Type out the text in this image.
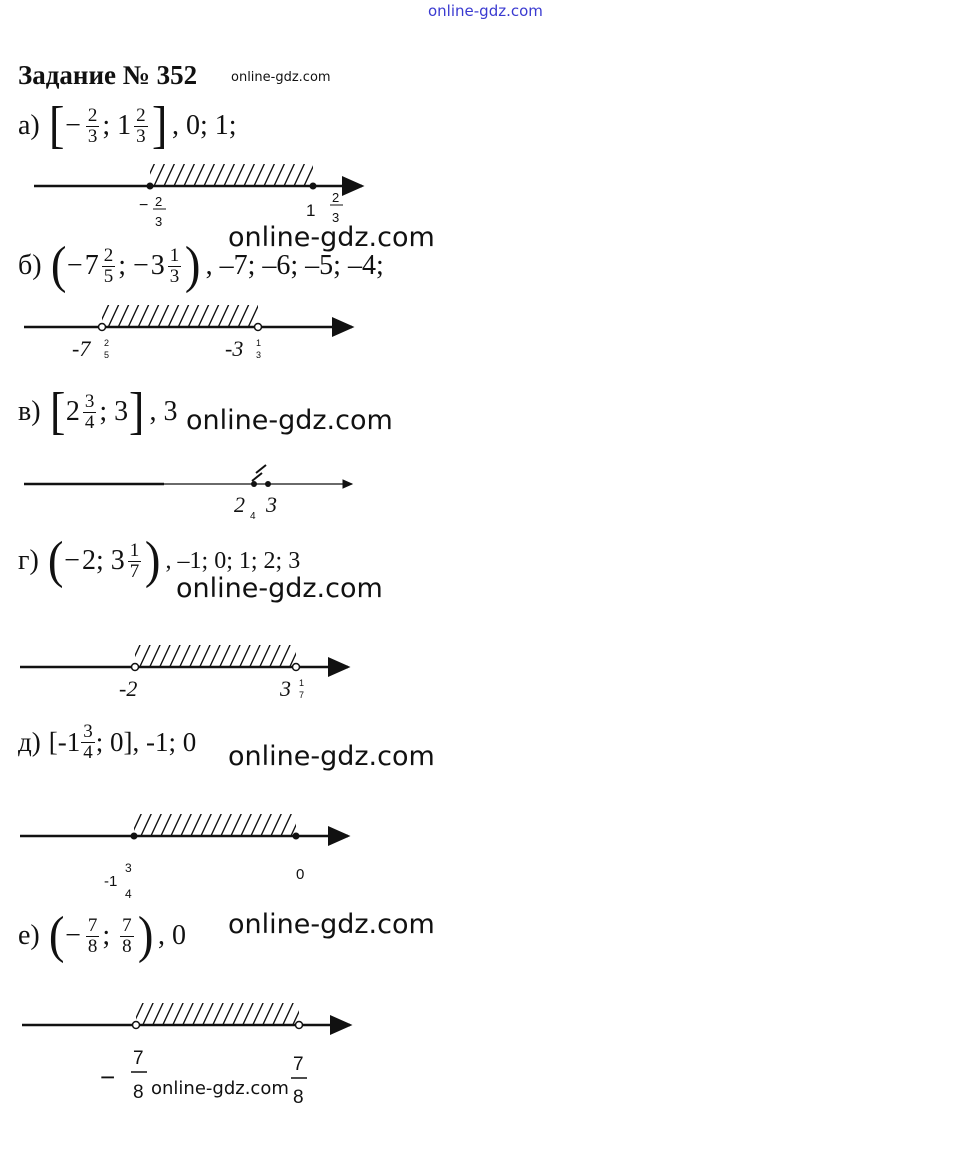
online-gdz.com
Задание № 352	online-gdz.com
а) [ − $\frac{2}{3}$ ; $1 \frac{2}{3}$ ] , 0; 1;
online-gdz.com
б) ( − $7 \frac{2}{5}$ ; − $3 \frac{1}{3}$ ) , –7; –6; –5; –4;
в) [ $2 \frac{3}{4}$ ; 3 ] , 3 online-gdz.com
г) ( − 2 ; $3 \frac{1}{7}$ ) , –1; 0; 1; 2; 3
online-gdz.com
д) [$-1 \frac{3}{4}$ ; 0], -1; 0 online-gdz.com
е) ( − $\frac{7}{8}$ ; $\frac{7}{8}$ ) , 0 online-gdz.com
online-gdz.com
− 2
3
1
2
3
-7 2
5	-3 1
3
2 4 3
-2	3 1
7
-1
3
4
0
−
7
8
7
8
